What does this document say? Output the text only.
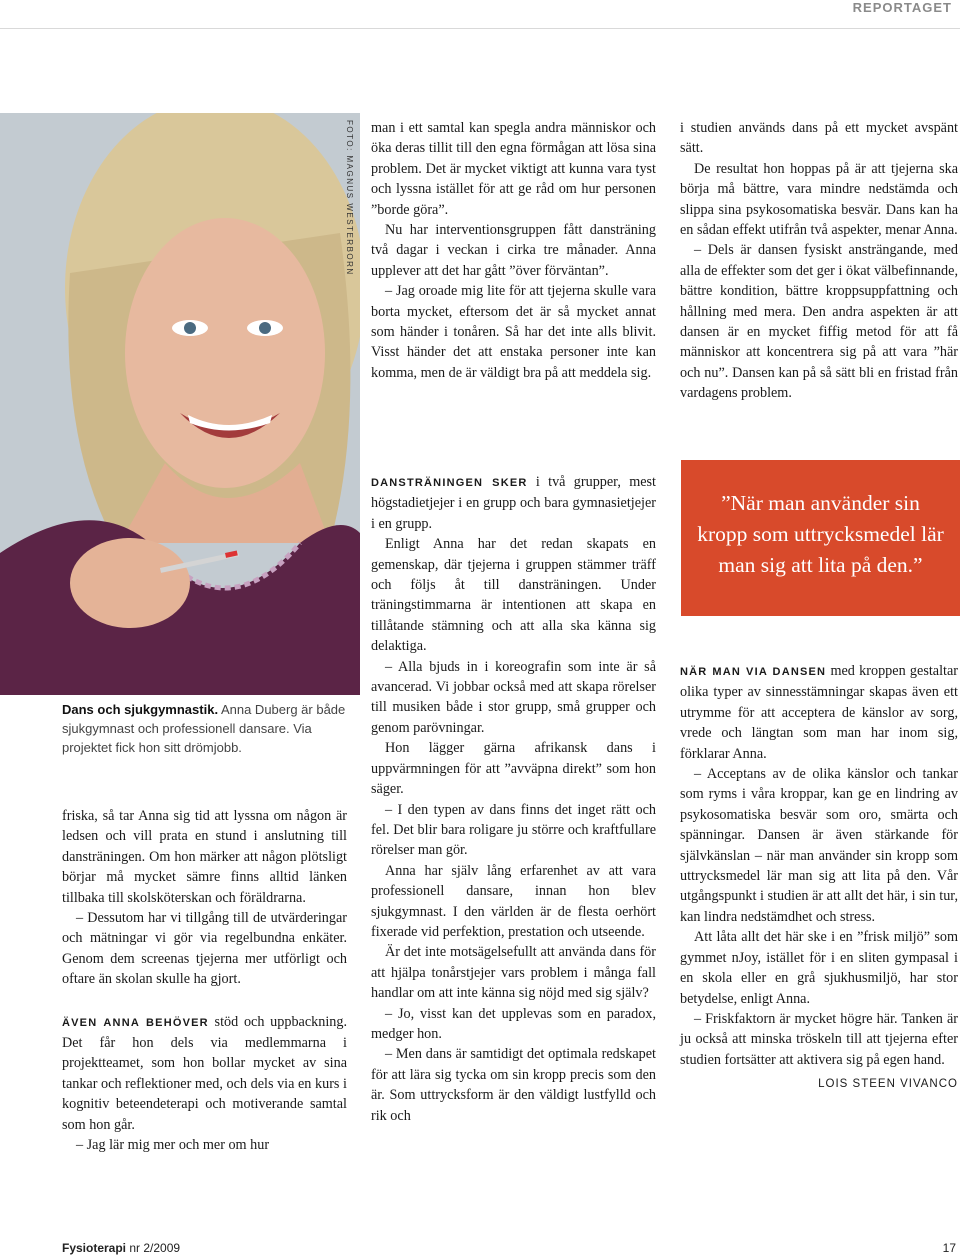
REPORTAGET
FOTO: MAGNUS WESTERBORN
Dans och sjukgymnastik. Anna Duberg är både sjukgymnast och professionell dansare. Via projektet fick hon sitt drömjobb.

friska, så tar Anna sig tid att lyssna om någon är ledsen och vill prata en stund i anslutning till dansträningen. Om hon märker att någon plötsligt börjar må mycket sämre finns alltid länken tillbaka till skolsköterskan och föräldrarna.

– Dessutom har vi tillgång till de utvärderingar och mätningar vi gör via regelbundna enkäter. Genom dem screenas tjejerna mer utförligt och oftare än skolan skulle ha gjort.

ÄVEN ANNA BEHÖVER stöd och uppbackning. Det får hon dels via medlemmarna i projektteamet, som hon bollar mycket av sina tankar och reflektioner med, och dels via en kurs i kognitiv beteendeterapi och motiverande samtal som hon går.

– Jag lär mig mer och mer om hur

man i ett samtal kan spegla andra människor och öka deras tillit till den egna förmågan att lösa sina problem. Det är mycket viktigt att kunna vara tyst och lyssna istället för att ge råd om hur personen ”borde göra”.

Nu har interventionsgruppen fått dansträning två dagar i veckan i cirka tre månader. Anna upplever att det har gått ”över förväntan”.

– Jag oroade mig lite för att tjejerna skulle vara borta mycket, eftersom det är så mycket annat som händer i tonåren. Så har det inte alls blivit. Visst händer det att enstaka personer inte kan komma, men de är väldigt bra på att meddela sig.

DANSTRÄNINGEN SKER i två grupper, mest högstadietjejer i en grupp och bara gymnasietjejer i en grupp.

Enligt Anna har det redan skapats en gemenskap, där tjejerna i gruppen stämmer träff och följs åt till dansträningen. Under träningstimmarna är intentionen att skapa en tillåtande stämning och att alla ska känna sig delaktiga.

– Alla bjuds in i koreografin som inte är så avancerad. Vi jobbar också med att skapa rörelser till musiken både i stor grupp, små grupper och genom parövningar.

Hon lägger gärna afrikansk dans i uppvärmningen för att ”avväpna direkt” som hon säger.

– I den typen av dans finns det inget rätt och fel. Det blir bara roligare ju större och kraftfullare rörelser man gör.

Anna har själv lång erfarenhet av att vara professionell dansare, innan hon blev sjukgymnast. I den världen är de flesta oerhört fixerade vid perfektion, prestation och utseende.

Är det inte motsägelsefullt att använda dans för att hjälpa tonårstjejer vars problem i många fall handlar om att inte känna sig nöjd med sig själv?

– Jo, visst kan det upplevas som en paradox, medger hon.

– Men dans är samtidigt det optimala redskapet för att lära sig tycka om sin kropp precis som den är. Som uttrycksform är den väldigt lustfylld och rik och

i studien används dans på ett mycket avspänt sätt.

De resultat hon hoppas på är att tjejerna ska börja må bättre, vara mindre nedstämda och slippa sina psykosomatiska besvär. Dans kan ha en sådan effekt utifrån två aspekter, menar Anna.

– Dels är dansen fysiskt ansträngande, med alla de effekter som det ger i ökat välbefinnande, bättre kondition, bättre kroppsuppfattning och hållning med mera. Den andra aspekten är att dansen är en mycket fiffig metod för att få människor att koncentrera sig på att vara ”här och nu”. Dansen kan på så sätt bli en fristad från vardagens problem.

”När man använder sin kropp som uttrycksmedel lär man sig att lita på den.”

NÄR MAN VIA DANSEN med kroppen gestaltar olika typer av sinnesstämningar skapas även ett utrymme för att acceptera de känslor av sorg, vrede och längtan som man har inom sig, förklarar Anna.

– Acceptans av de olika känslor och tankar som ryms i våra kroppar, kan ge en lindring av psykosomatiska besvär som oro, smärta och spänningar. Dansen är även stärkande för självkänslan – när man använder sin kropp som uttrycksmedel lär man sig att lita på den. Vår utgångspunkt i studien är att allt det här, i sin tur, kan lindra nedstämdhet och stress.

Att låta allt det här ske i en ”frisk miljö” som gymmet nJoy, istället för i en sliten gympasal i en skola eller en grå sjukhusmiljö, har stor betydelse, enligt Anna.

– Friskfaktorn är mycket högre här. Tanken är ju också att minska tröskeln till att tjejerna efter studien fortsätter att aktivera sig på egen hand.

LOIS STEEN VIVANCO
Fysioterapi nr 2/2009	17
